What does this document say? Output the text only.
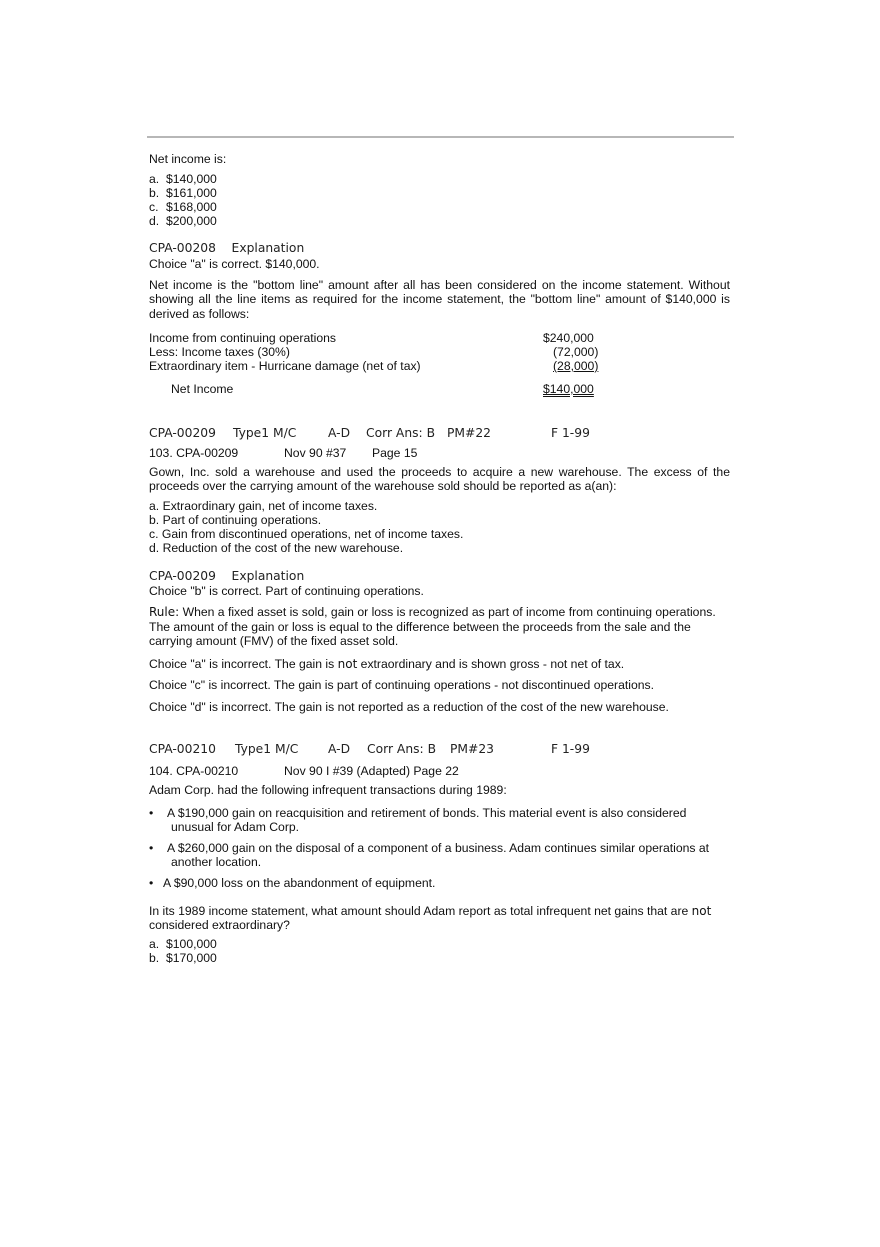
Net income is:
a. $140,000
b. $161,000
c. $168,000
d. $200,000
CPA-00208    Explanation
Choice "a" is correct. $140,000.
Net income is the "bottom line" amount after all has been considered on the income statement. Without showing all the line items as required for the income statement, the "bottom line" amount of $140,000 is derived as follows:
Income from continuing operations	$240,000
Less: Income taxes (30%)	(72,000)
Extraordinary item - Hurricane damage (net of tax)	(28,000)
Net Income	$140,000
CPA-00209 Type1 M/C	A-D Corr Ans: B PM#22	F 1-99
103. CPA-00209	Nov 90 #37 Page 15
Gown, Inc. sold a warehouse and used the proceeds to acquire a new warehouse. The excess of the proceeds over the carrying amount of the warehouse sold should be reported as a(an):
a. Extraordinary gain, net of income taxes.
b. Part of continuing operations.
c. Gain from discontinued operations, net of income taxes.
d. Reduction of the cost of the new warehouse.
CPA-00209    Explanation
Choice "b" is correct. Part of continuing operations.
Rule: When a fixed asset is sold, gain or loss is recognized as part of income from continuing operations.
The amount of the gain or loss is equal to the difference between the proceeds from the sale and the
carrying amount (FMV) of the fixed asset sold.
Choice "a" is incorrect. The gain is not extraordinary and is shown gross - not net of tax.
Choice "c" is incorrect. The gain is part of continuing operations - not discontinued operations.
Choice "d" is incorrect. The gain is not reported as a reduction of the cost of the new warehouse.
CPA-00210 Type1 M/C A-D Corr Ans: B PM#23	F 1-99
104. CPA-00210	Nov 90 I #39 (Adapted) Page 22
Adam Corp. had the following infrequent transactions during 1989:
• A $190,000 gain on reacquisition and retirement of bonds. This material event is also considered
unusual for Adam Corp.
• A $260,000 gain on the disposal of a component of a business. Adam continues similar operations at
another location.
• A $90,000 loss on the abandonment of equipment.
In its 1989 income statement, what amount should Adam report as total infrequent net gains that are not
considered extraordinary?
a. $100,000
b. $170,000
